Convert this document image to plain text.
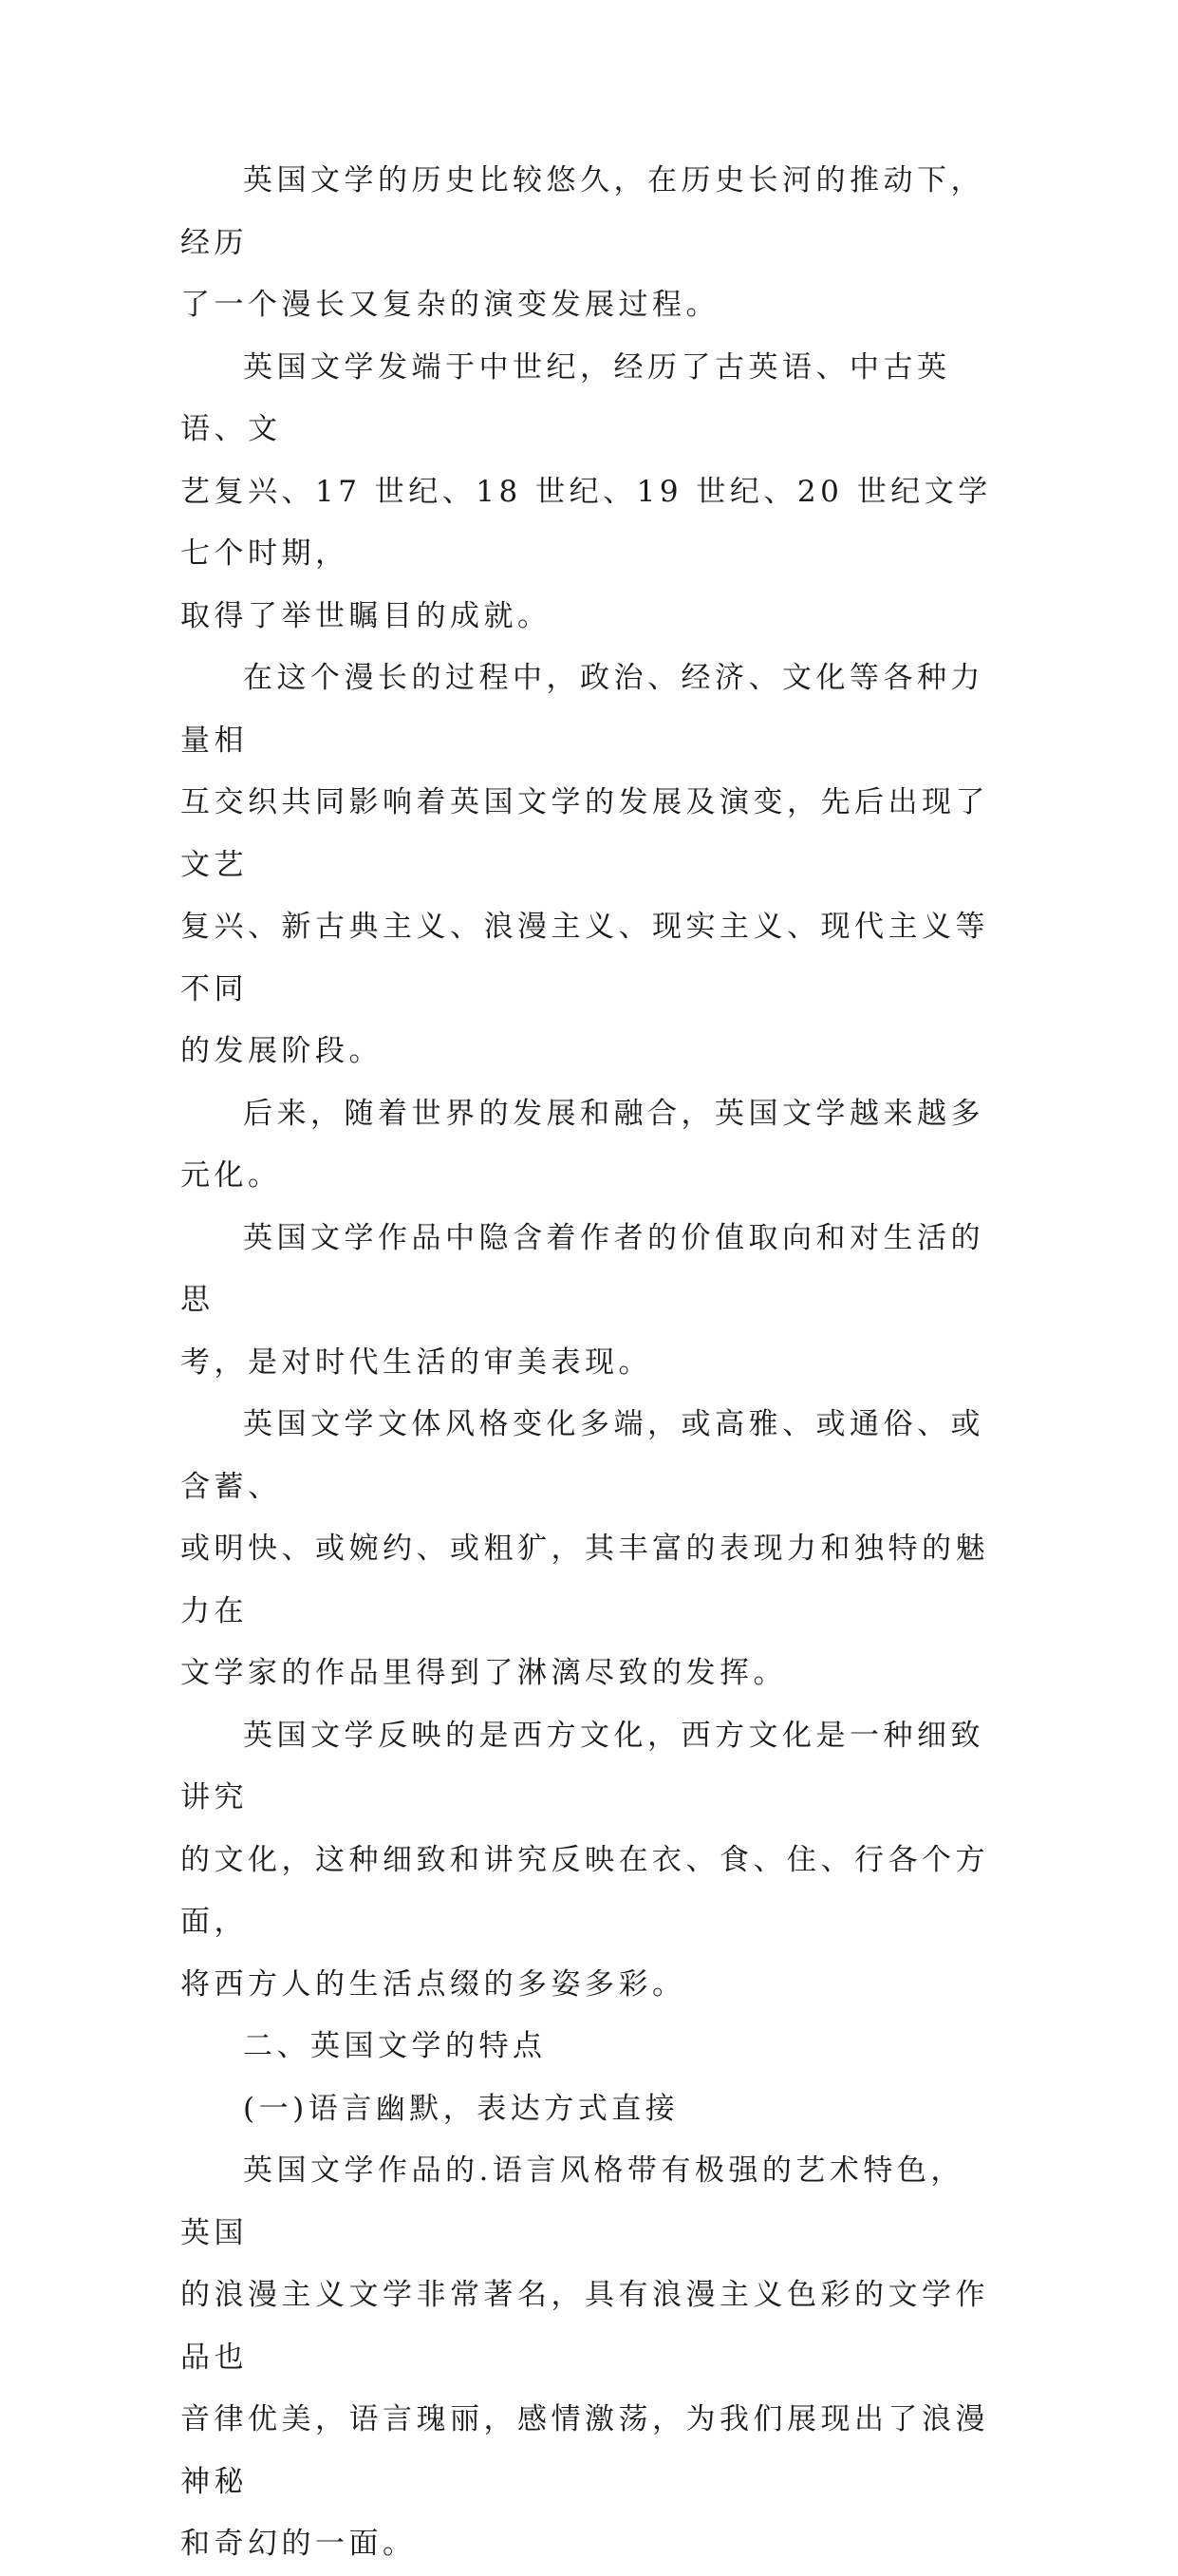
英国文学的历史比较悠久，在历史长河的推动下，经历
了一个漫长又复杂的演变发展过程。

英国文学发端于中世纪，经历了古英语、中古英语、文
艺复兴、17 世纪、18 世纪、19 世纪、20 世纪文学七个时期，
取得了举世瞩目的成就。

在这个漫长的过程中，政治、经济、文化等各种力量相
互交织共同影响着英国文学的发展及演变，先后出现了文艺
复兴、新古典主义、浪漫主义、现实主义、现代主义等不同
的发展阶段。

后来，随着世界的发展和融合，英国文学越来越多元化。

英国文学作品中隐含着作者的价值取向和对生活的思
考，是对时代生活的审美表现。

英国文学文体风格变化多端，或高雅、或通俗、或含蓄、
或明快、或婉约、或粗犷，其丰富的表现力和独特的魅力在
文学家的作品里得到了淋漓尽致的发挥。

英国文学反映的是西方文化，西方文化是一种细致讲究
的文化，这种细致和讲究反映在衣、食、住、行各个方面，
将西方人的生活点缀的多姿多彩。

二、英国文学的特点

(一)语言幽默，表达方式直接

英国文学作品的.语言风格带有极强的艺术特色，英国
的浪漫主义文学非常著名，具有浪漫主义色彩的文学作品也
音律优美，语言瑰丽，感情激荡，为我们展现出了浪漫神秘
和奇幻的一面。
